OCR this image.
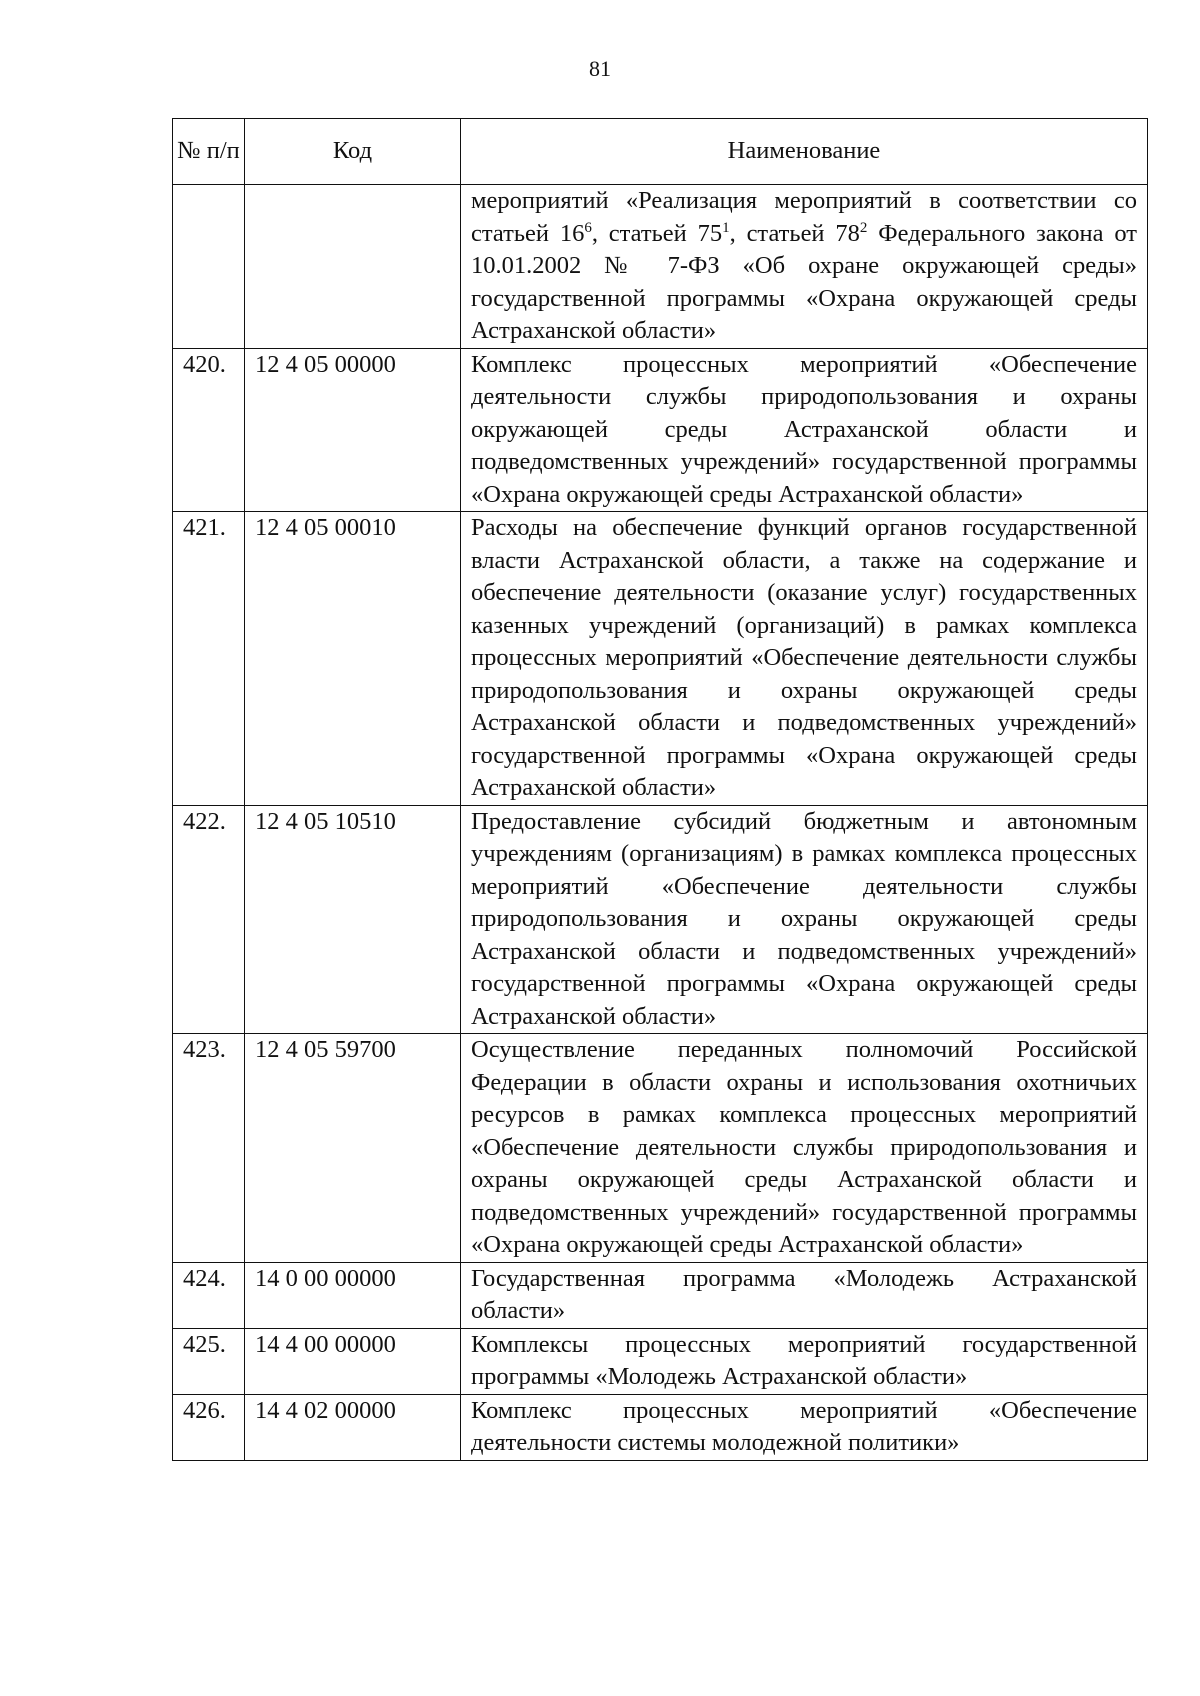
81
№ п/п	Код	Наименование
		мероприятий «Реализация мероприятий в соответствии со статьей $16^6$, статьей $75^1$, статьей $78^2$ Федерального закона от 10.01.2002 № 7-ФЗ «Об охране окружающей среды» государственной программы «Охрана окружающей среды Астраханской области»
420.	12 4 05 00000	Комплекс процессных мероприятий «Обеспечение деятельности службы природопользования и охраны окружающей среды Астраханской области и подведомственных учреждений» государственной программы «Охрана окружающей среды Астраханской области»
421.	12 4 05 00010	Расходы на обеспечение функций органов государственной власти Астраханской области, а также на содержание и обеспечение деятельности (оказание услуг) государственных казенных учреждений (организаций) в рамках комплекса процессных мероприятий «Обеспечение деятельности службы природопользования и охраны окружающей среды Астраханской области и подведомственных учреждений» государственной программы «Охрана окружающей среды Астраханской области»
422.	12 4 05 10510	Предоставление субсидий бюджетным и автономным учреждениям (организациям) в рамках комплекса процессных мероприятий «Обеспечение деятельности службы природопользования и охраны окружающей среды Астраханской области и подведомственных учреждений» государственной программы «Охрана окружающей среды Астраханской области»
423.	12 4 05 59700	Осуществление переданных полномочий Российской Федерации в области охраны и использования охотничьих ресурсов в рамках комплекса процессных мероприятий «Обеспечение деятельности службы природопользования и охраны окружающей среды Астраханской области и подведомственных учреждений» государственной программы «Охрана окружающей среды Астраханской области»
424.	14 0 00 00000	Государственная программа «Молодежь Астраханской области»
425.	14 4 00 00000	Комплексы процессных мероприятий государственной программы «Молодежь Астраханской области»
426.	14 4 02 00000	Комплекс процессных мероприятий «Обеспечение деятельности системы молодежной политики»
